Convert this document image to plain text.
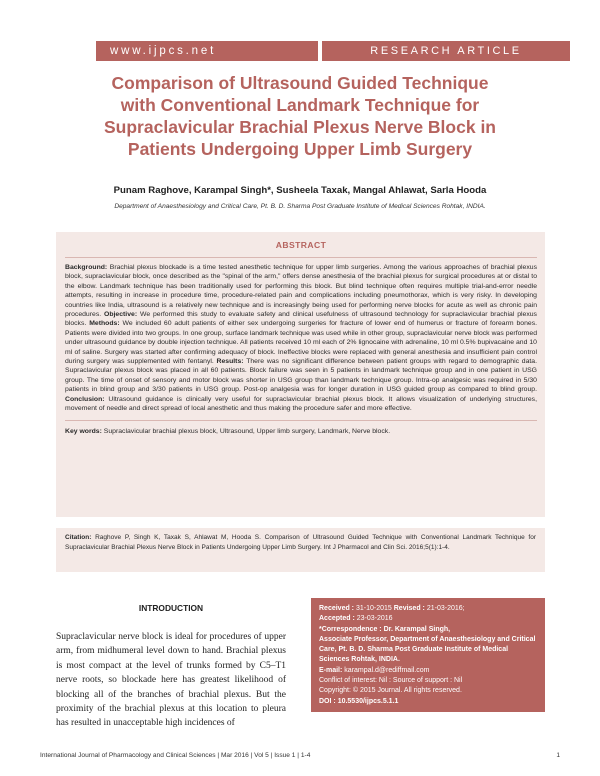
www.ijpcs.net	RESEARCH ARTICLE
Comparison of Ultrasound Guided Technique
with Conventional Landmark Technique for
Supraclavicular Brachial Plexus Nerve Block in
Patients Undergoing Upper Limb Surgery
Punam Raghove, Karampal Singh*, Susheela Taxak, Mangal Ahlawat, Sarla Hooda
Department of Anaesthesiology and Critical Care, Pt. B. D. Sharma Post Graduate Institute of Medical Sciences Rohtak, INDIA.
ABSTRACT
Background: Brachial plexus blockade is a time tested anesthetic technique for upper limb surgeries. Among the various approaches of brachial plexus block, supraclavicular block, once described as the "spinal of the arm," offers dense anesthesia of the brachial plexus for surgical procedures at or distal to the elbow. Landmark technique has been traditionally used for performing this block. But blind technique often requires multiple trial-and-error needle attempts, resulting in increase in procedure time, procedure-related pain and complications including pneumothorax, which is very risky. In developing countries like India, ultrasound is a relatively new technique and is increasingly being used for performing nerve blocks for acute as well as chronic pain procedures. Objective: We performed this study to evaluate safety and clinical usefulness of ultrasound technology for supraclavicular brachial plexus blocks. Methods: We included 60 adult patients of either sex undergoing surgeries for fracture of lower end of humerus or fracture of forearm bones. Patients were divided into two groups. In one group, surface landmark technique was used while in other group, supraclavicular nerve block was performed under ultrasound guidance by double injection technique. All patients received 10 ml each of 2% lignocaine with adrenaline, 10 ml 0.5% bupivacaine and 10 ml of saline. Surgery was started after confirming adequacy of block. Ineffective blocks were replaced with general anesthesia and insufficient pain control during surgery was supplemented with fentanyl. Results: There was no significant difference between patient groups with regard to demographic data. Supraclavicular plexus block was placed in all 60 patients. Block failure was seen in 5 patients in landmark technique group and in one patient in USG group. The time of onset of sensory and motor block was shorter in USG group than landmark technique group. Intra-op analgesic was required in 5/30 patients in blind group and 3/30 patients in USG group. Post-op analgesia was for longer duration in USG guided group as compared to blind group. Conclusion: Ultrasound guidance is clinically very useful for supraclavicular brachial plexus block. It allows visualization of underlying structures, movement of needle and direct spread of local anesthetic and thus making the procedure safer and more effective.
Key words: Supraclavicular brachial plexus block, Ultrasound, Upper limb surgery, Landmark, Nerve block.
Citation: Raghove P, Singh K, Taxak S, Ahlawat M, Hooda S. Comparison of Ultrasound Guided Technique with Conventional Landmark Technique for Supraclavicular Brachial Plexus Nerve Block in Patients Undergoing Upper Limb Surgery. Int J Pharmacol and Clin Sci. 2016;5(1):1-4.
INTRODUCTION
Supraclavicular nerve block is ideal for procedures of upper arm, from midhumeral level down to hand. Brachial plexus is most compact at the level of trunks formed by C5–T1 nerve roots, so blockade here has greatest likelihood of blocking all of the branches of brachial plexus. But the proximity of the brachial plexus at this location to pleura has resulted in unacceptable high incidences of
Received : 31-10-2015 Revised : 21-03-2016;
Accepted : 23-03-2016
*Correspondence : Dr. Karampal Singh,
Associate Professor, Department of Anaesthesiology and Critical Care, Pt. B. D. Sharma Post Graduate Institute of Medical Sciences Rohtak, INDIA.
E-mail: karampal.d@rediffmail.com
Conflict of interest: Nil : Source of support : Nil
Copyright: © 2015 Journal. All rights reserved.
DOI : 10.5530/ijpcs.5.1.1
International Journal of Pharmacology and Clinical Sciences | Mar 2016 | Vol 5 | Issue 1 | 1-4	1
